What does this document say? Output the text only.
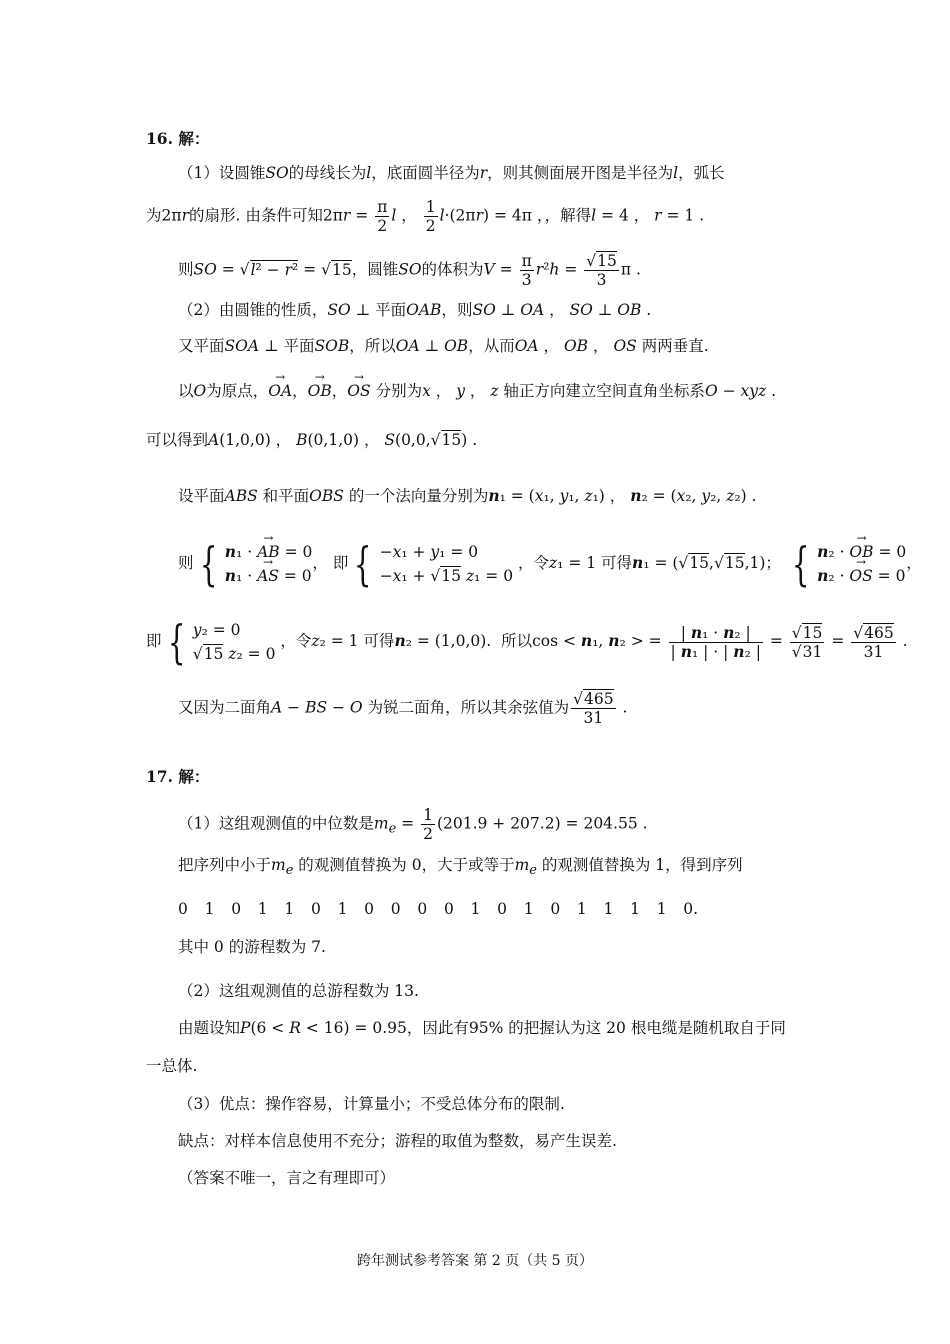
16. 解：
（1）设圆锥SO的母线长为l，底面圆半径为r，则其侧面展开图是半径为l，弧长
为2πr的扇形. 由条件可知$2\pi r = \frac{\pi}{2}$ l ， $\frac{1}{2} l\cdot(2\pi r) = 4\pi$ ，，解得l = 4 ， r = 1 .
则SO = √l² − r² = √15，圆锥SO的体积为$V = \frac{\pi}{3} r^2h = \frac{√15}{3}$ π .
（2）由圆锥的性质，SO ⊥ 平面OAB，则SO ⊥ OA ， SO ⊥ OB .
又平面SOA ⊥ 平面SOB，所以OA ⊥ OB，从而OA ， OB ， OS 两两垂直.
以O为原点，→ OA，→ OB，→ OS 分别为x ， y ， z 轴正方向建立空间直角坐标系O − xyz .
可以得到A(1,0,0) ， B(0,1,0) ， S(0,0,√15) .
设平面ABS 和平面OBS 的一个法向量分别为n₁ = (x₁, y₁, z₁) ， n₂ = (x₂, y₂, z₂) .
则 { n₁ · → AB = 0
n₁ · → AS = 0
， 即 { −x₁ + y₁ = 0
−x₁ + √15 z₁ = 0
，令z₁ = 1 可得n₁ = (√15,√15,1)； { n₂ · → OB = 0
n₂ · → OS = 0
，
即 { y₂ = 0
√15 z₂ = 0
，令z₂ = 1 可得n₂ = (1,0,0).  所以cos < n₁, n₂ > = $\frac{\text{| n₁ · n₂ |}}{\text{| n₁ | · | n₂ |}} = \frac{√15}{√31} = \frac{√465}{31}$ .
又因为二面角A − BS − O 为锐二面角，所以其余弦值为 $\frac{√465}{31}$ .
17. 解：
（1）这组观测值的中位数是$m_e = \frac{1}{2} (201.9 + 207.2) = 204.55$ .
把序列中小于$m_e$ 的观测值替换为 0，大于或等于$m_e$ 的观测值替换为 1，得到序列
0 1 0 1 1 0 1 0 0 0 0 1 0 1 0 1 1 1 1 0.
其中 0 的游程数为 7.
（2）这组观测值的总游程数为 13.
由题设知P(6 < R < 16) = 0.95，因此有95% 的把握认为这 20 根电缆是随机取自于同
一总体.
（3）优点：操作容易，计算量小；不受总体分布的限制.
缺点：对样本信息使用不充分；游程的取值为整数，易产生误差.
（答案不唯一，言之有理即可）
跨年测试参考答案 第 2 页（共 5 页）
